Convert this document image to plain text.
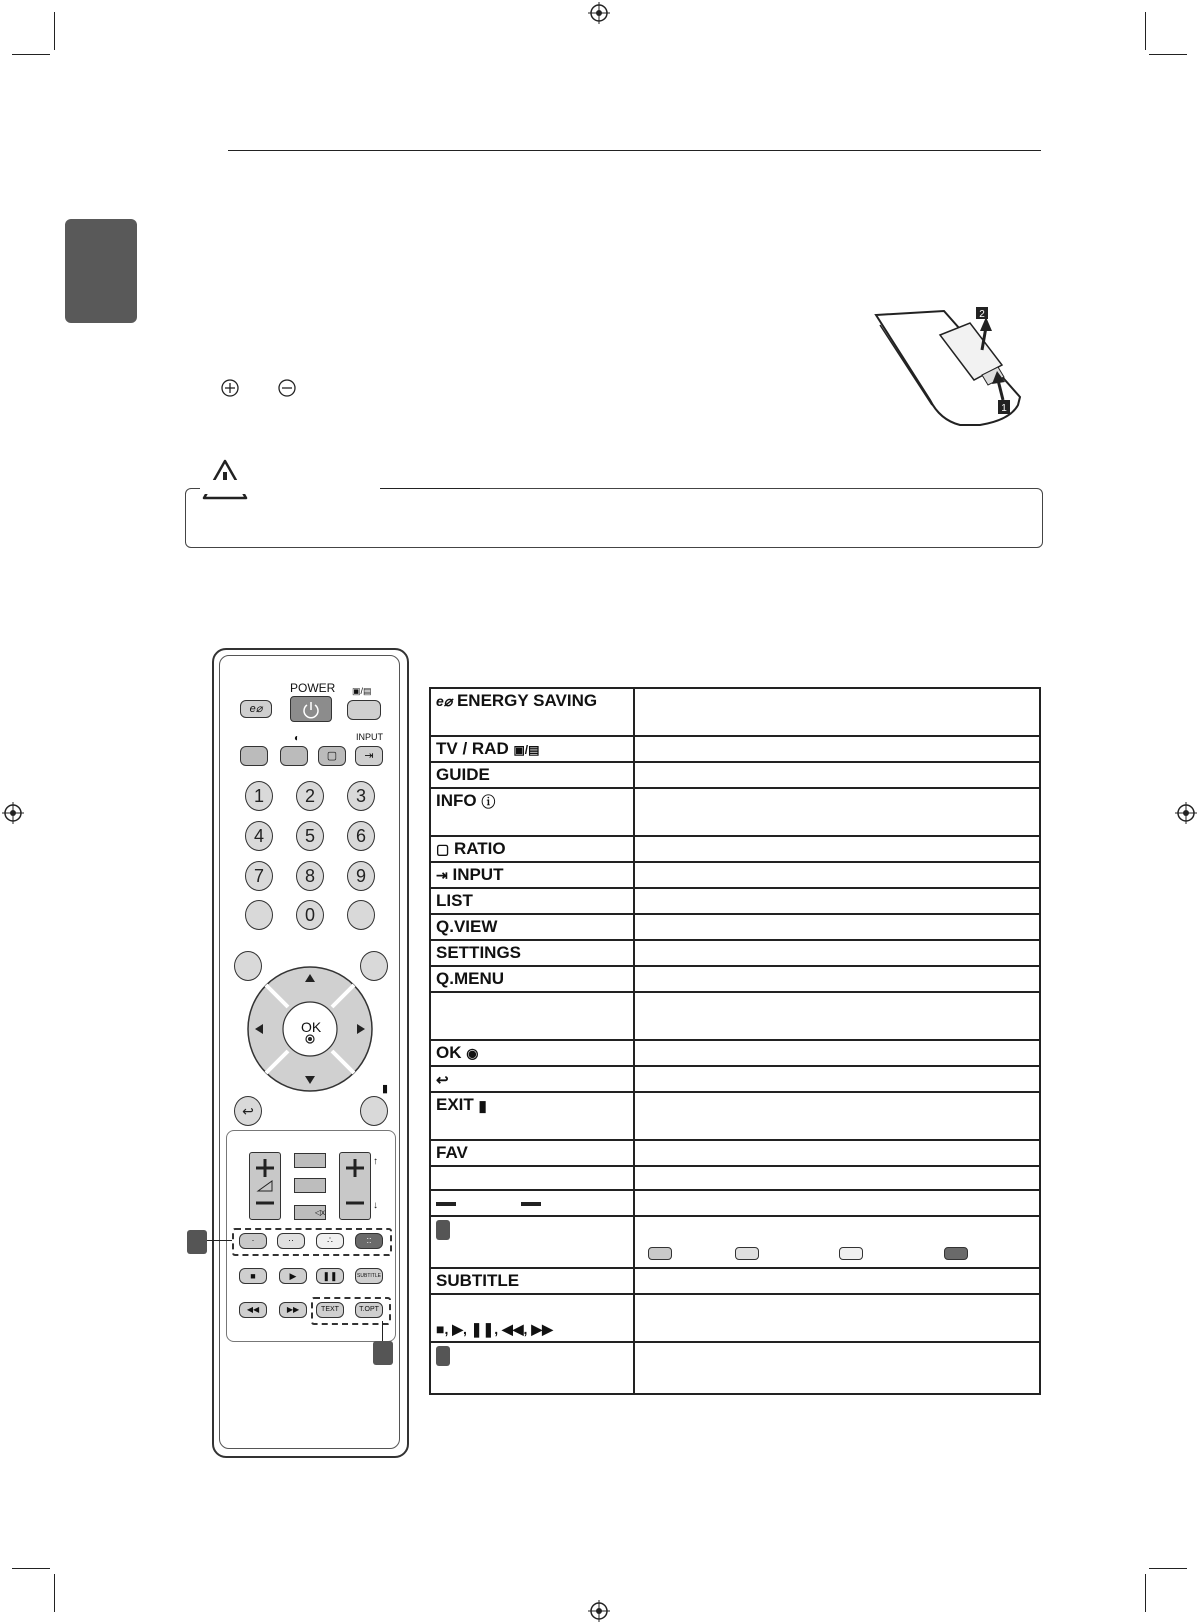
2
1
POWER
e⌀
▣/▤
◐	INPUT
▢	⇥
1	2	3
4	5	6
7	8	9
0
OK
↩
▮
◁x
↑
↓
·	··	∴	::
■	▶	❚❚	SUBTITLE
◀◀	▶▶	TEXT	T.OPT
e⌀ ENERGY SAVING	
TV / RAD ▣/▤	
GUIDE	
INFO ⓘ	
▢ RATIO	
⇥ INPUT	
LIST	
Q.VIEW	
SETTINGS	
Q.MENU	

OK ◉	
↩	
EXIT ▮	
FAV	

SUBTITLE	
■, ▶, ❚❚, ◀◀, ▶▶	
